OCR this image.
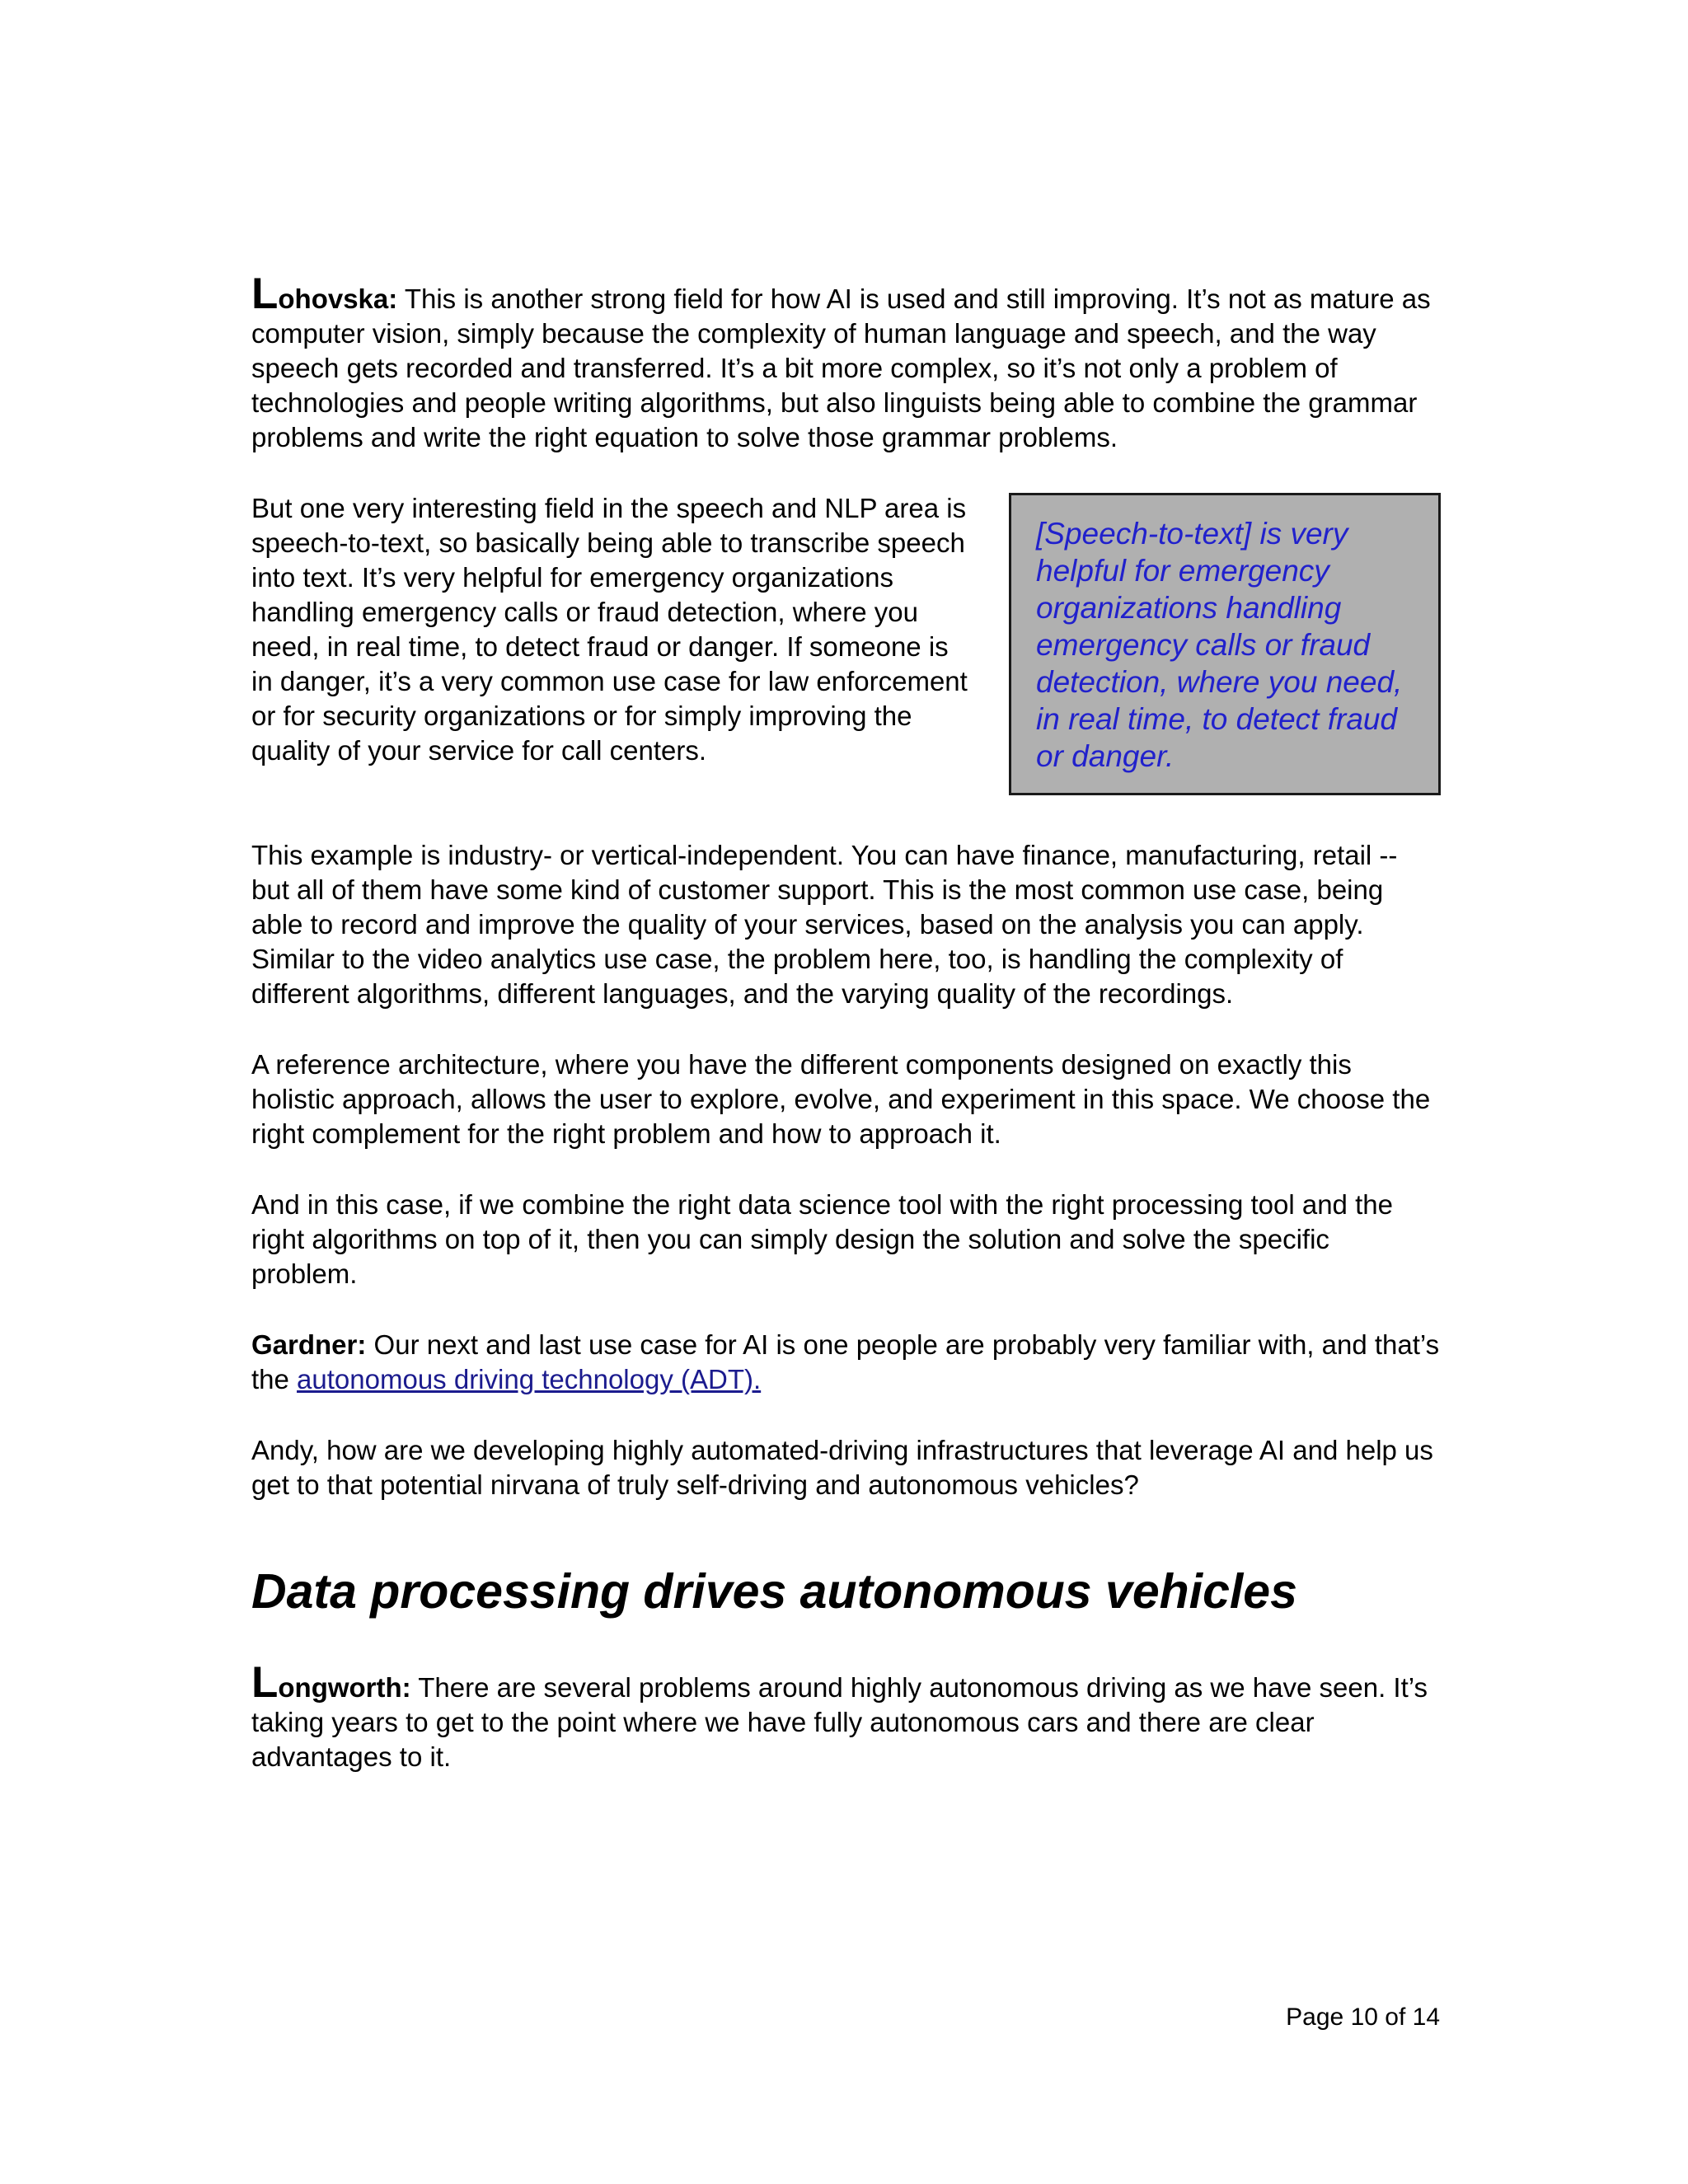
Lohovska: This is another strong field for how AI is used and still improving. It’s not as mature as computer vision, simply because the complexity of human language and speech, and the way speech gets recorded and transferred. It’s a bit more complex, so it’s not only a problem of technologies and people writing algorithms, but also linguists being able to combine the grammar problems and write the right equation to solve those grammar problems.

[Speech-to-text] is very helpful for emergency organizations handling emergency calls or fraud detection, where you need, in real time, to detect fraud or danger.

But one very interesting field in the speech and NLP area is speech-to-text, so basically being able to transcribe speech into text. It’s very helpful for emergency organizations handling emergency calls or fraud detection, where you need, in real time, to detect fraud or danger. If someone is in danger, it’s a very common use case for law enforcement or for security organizations or for simply improving the quality of your service for call centers.

This example is industry- or vertical-independent. You can have finance, manufacturing, retail -- but all of them have some kind of customer support. This is the most common use case, being able to record and improve the quality of your services, based on the analysis you can apply. Similar to the video analytics use case, the problem here, too, is handling the complexity of different algorithms, different languages, and the varying quality of the recordings.

A reference architecture, where you have the different components designed on exactly this holistic approach, allows the user to explore, evolve, and experiment in this space. We choose the right complement for the right problem and how to approach it.

And in this case, if we combine the right data science tool with the right processing tool and the right algorithms on top of it, then you can simply design the solution and solve the specific problem.

Gardner: Our next and last use case for AI is one people are probably very familiar with, and that’s the autonomous driving technology (ADT).

Andy, how are we developing highly automated-driving infrastructures that leverage AI and help us get to that potential nirvana of truly self-driving and autonomous vehicles?

Data processing drives autonomous vehicles

Longworth: There are several problems around highly autonomous driving as we have seen. It’s taking years to get to the point where we have fully autonomous cars and there are clear advantages to it.

Page 10 of 14
